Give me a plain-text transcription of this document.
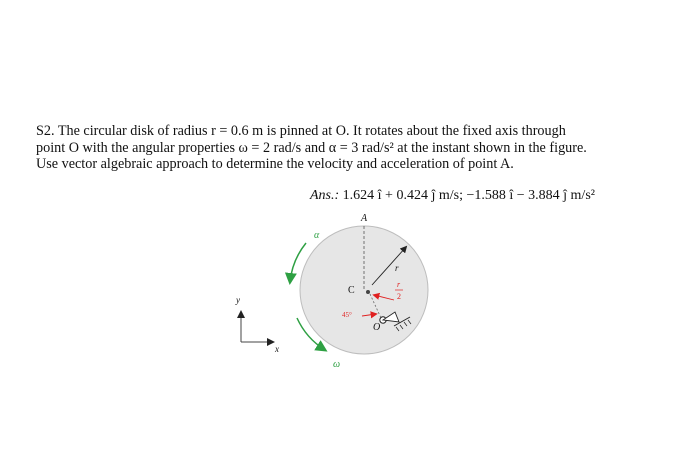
S2. The circular disk of radius r = 0.6 m is pinned at O. It rotates about the fixed axis through
point O with the angular properties ω = 2 rad/s and α = 3 rad/s² at the instant shown in the figure.
Use vector algebraic approach to determine the velocity and acceleration of point A.
Ans.: 1.624 î + 0.424 ĵ m/s; −1.588 î − 3.884 ĵ m/s²
A
r
C
r
2
45°
O
α
ω
y
x
